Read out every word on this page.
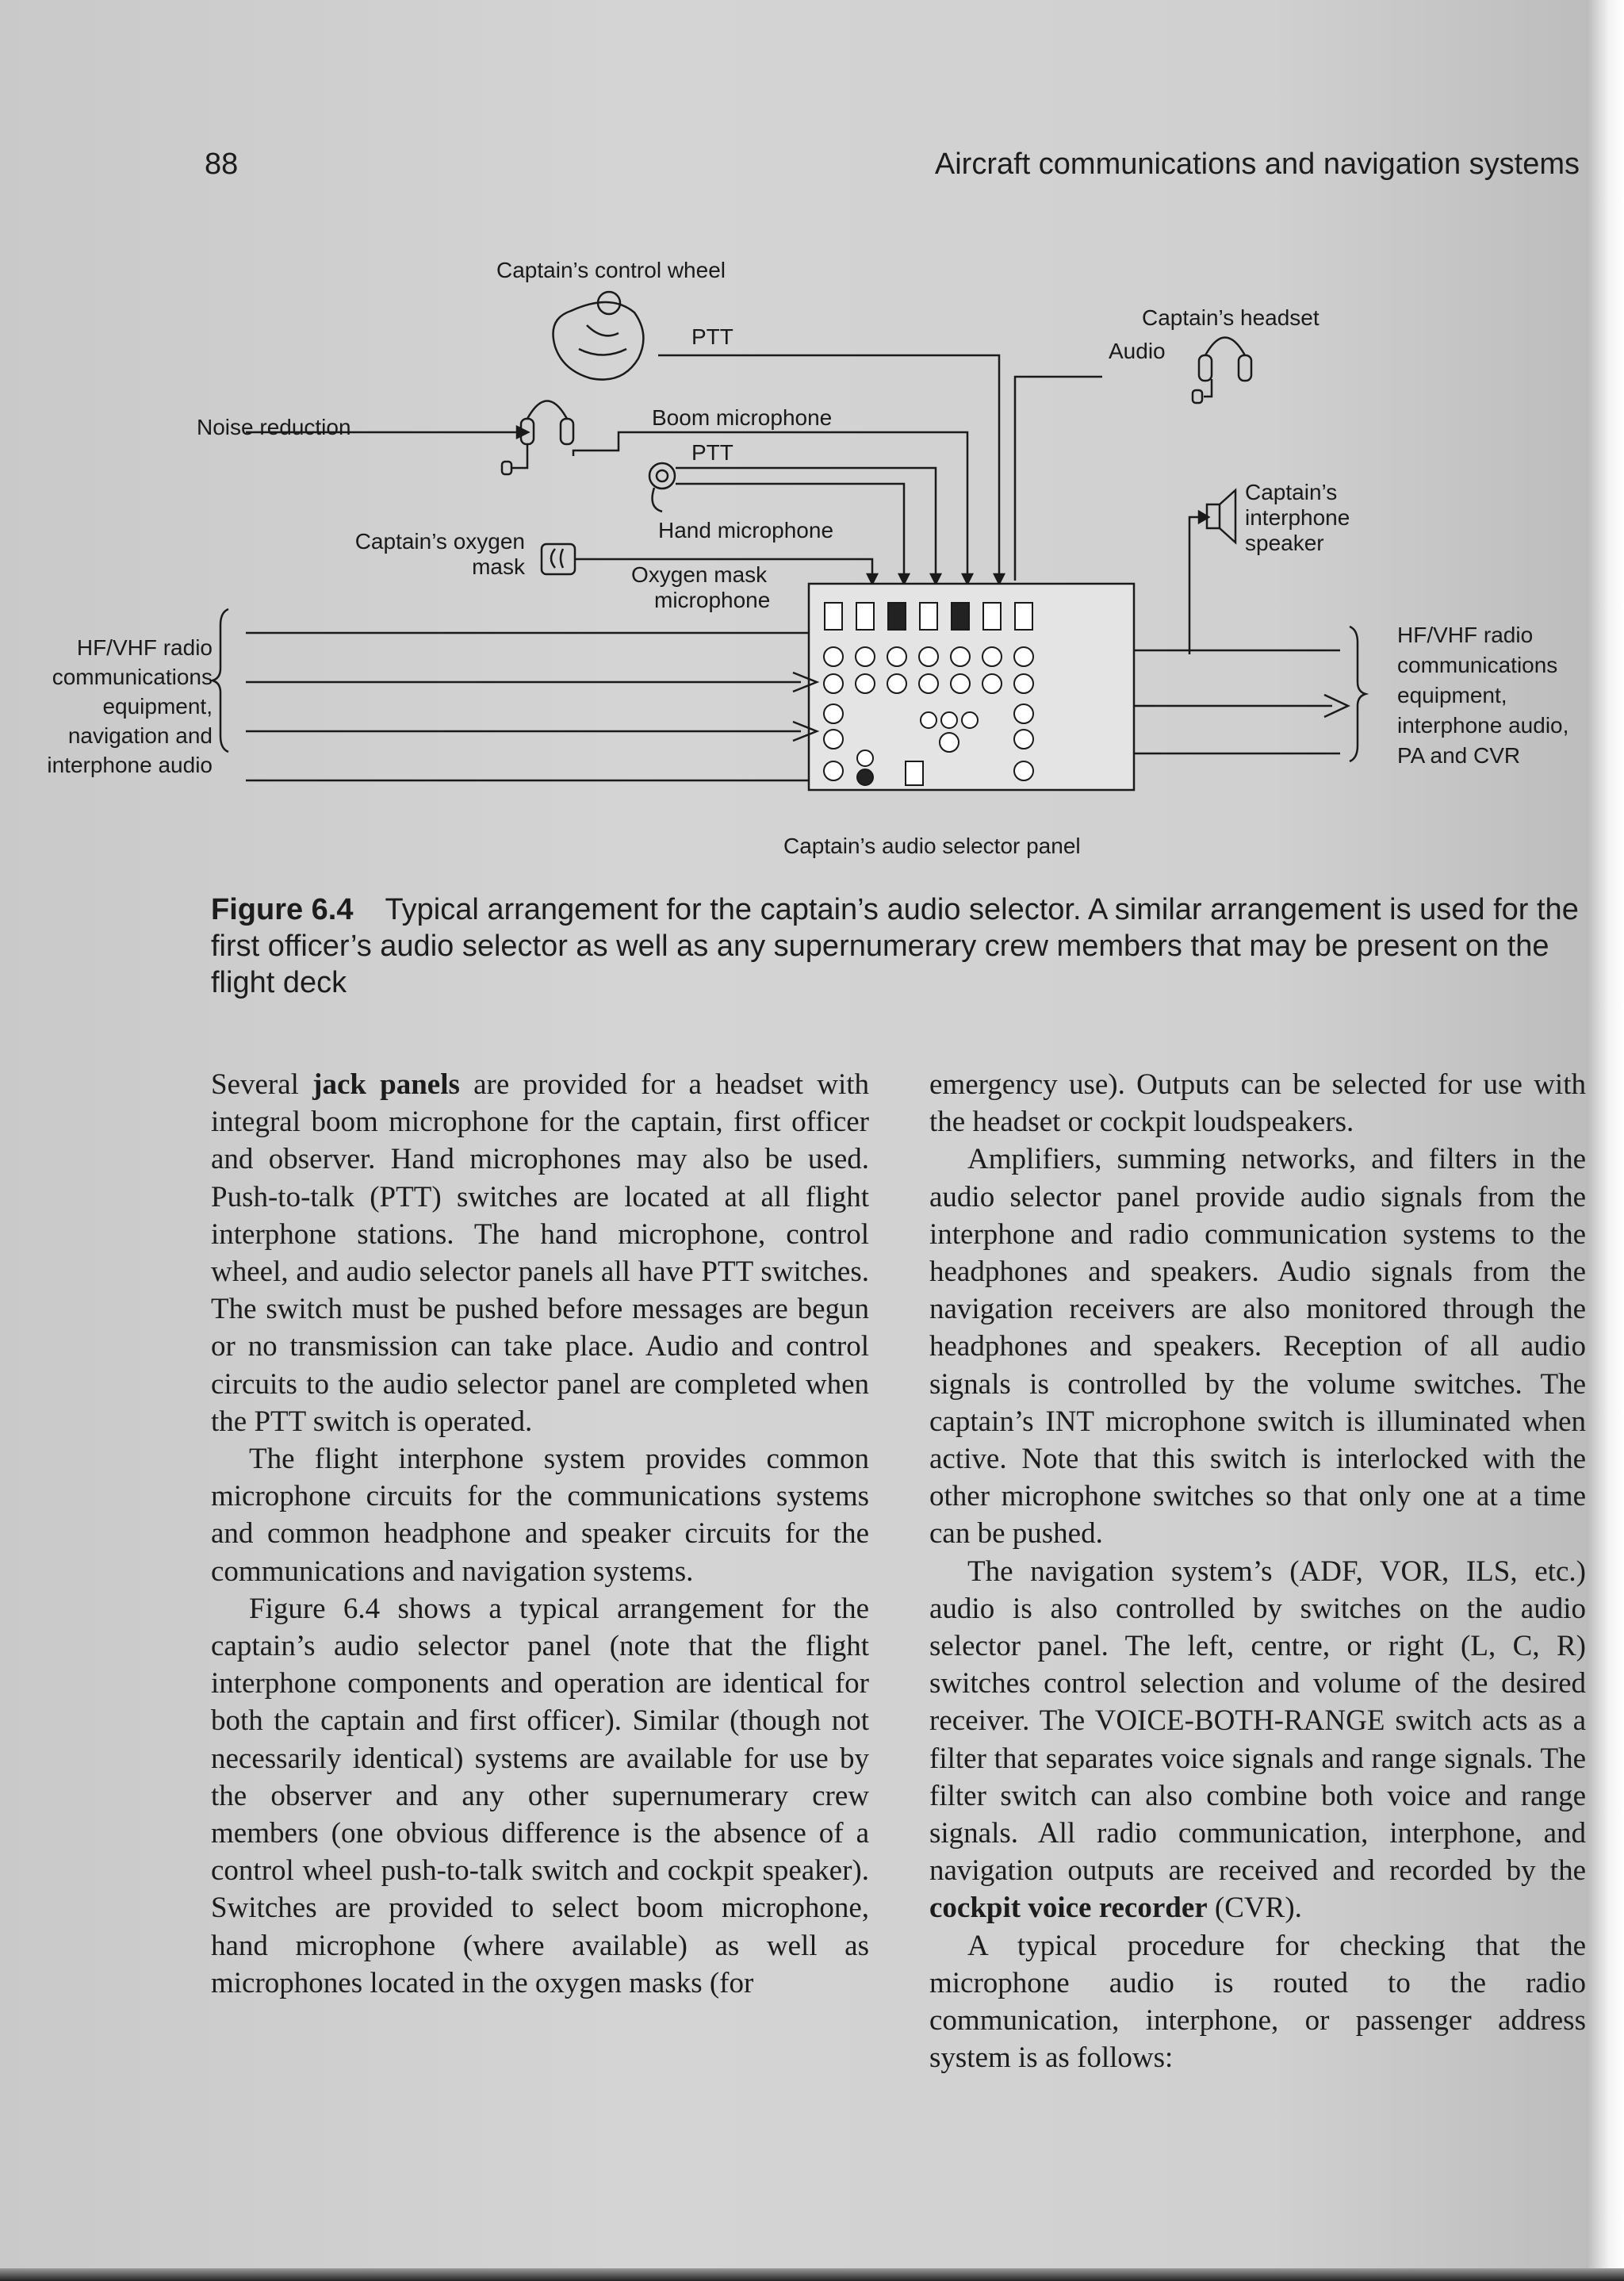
88	Aircraft communications and navigation systems
Captain’s control wheel
PTT
Captain’s headset
Audio
Noise reduction	Boom microphone
PTT
Captain’s
interphone
speaker
Captain’s oxygen
mask
Hand microphone
Oxygen mask
microphone
HF/VHF radio
communications
equipment,
navigation and
interphone audio
HF/VHF radio
communications
equipment,
interphone audio,
PA and CVR
Captain’s audio selector panel
Figure 6.4 Typical arrangement for the captain’s audio selector. A similar arrangement is used for the first officer’s audio selector as well as any supernumerary crew members that may be present on the flight deck

Several jack panels are provided for a headset with integral boom microphone for the captain, first officer and observer. Hand microphones may also be used. Push-to-talk (PTT) switches are located at all flight interphone stations. The hand microphone, control wheel, and audio selector panels all have PTT switches. The switch must be pushed before messages are begun or no transmission can take place. Audio and control circuits to the audio selector panel are completed when the PTT switch is operated.

The flight interphone system provides common microphone circuits for the communications systems and common headphone and speaker circuits for the communications and navigation systems.

Figure 6.4 shows a typical arrangement for the captain’s audio selector panel (note that the flight interphone components and operation are identical for both the captain and first officer). Similar (though not necessarily identical) systems are available for use by the observer and any other supernumerary crew members (one obvious difference is the absence of a control wheel push-to-talk switch and cockpit speaker). Switches are provided to select boom microphone, hand microphone (where available) as well as microphones located in the oxygen masks (for

emergency use). Outputs can be selected for use with the headset or cockpit loudspeakers.

Amplifiers, summing networks, and filters in the audio selector panel provide audio signals from the interphone and radio communication systems to the headphones and speakers. Audio signals from the navigation receivers are also monitored through the headphones and speakers. Reception of all audio signals is controlled by the volume switches. The captain’s INT microphone switch is illuminated when active. Note that this switch is interlocked with the other microphone switches so that only one at a time can be pushed.

The navigation system’s (ADF, VOR, ILS, etc.) audio is also controlled by switches on the audio selector panel. The left, centre, or right (L, C, R) switches control selection and volume of the desired receiver. The VOICE-BOTH-RANGE switch acts as a filter that separates voice signals and range signals. The filter switch can also combine both voice and range signals. All radio communication, interphone, and navigation outputs are received and recorded by the cockpit voice recorder (CVR).

A typical procedure for checking that the microphone audio is routed to the radio communication, interphone, or passenger address system is as follows:
